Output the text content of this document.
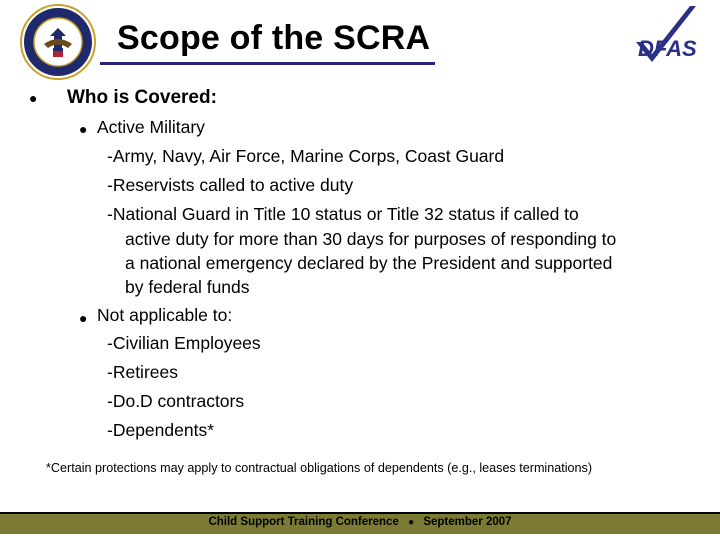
Scope of the SCRA	DFAS
● Who is Covered:
● Active Military
-Army, Navy, Air Force, Marine Corps, Coast Guard
-Reservists called to active duty
-National Guard in Title 10 status or Title 32 status if called to
active duty for more than 30 days for purposes of responding to
a national emergency declared by the President and supported
by federal funds
● Not applicable to:
-Civilian Employees
-Retirees
-Do.D contractors
-Dependents*
*Certain protections may apply to contractual obligations of dependents (e.g., leases terminations)
Child Support Training Conference ● September 2007
